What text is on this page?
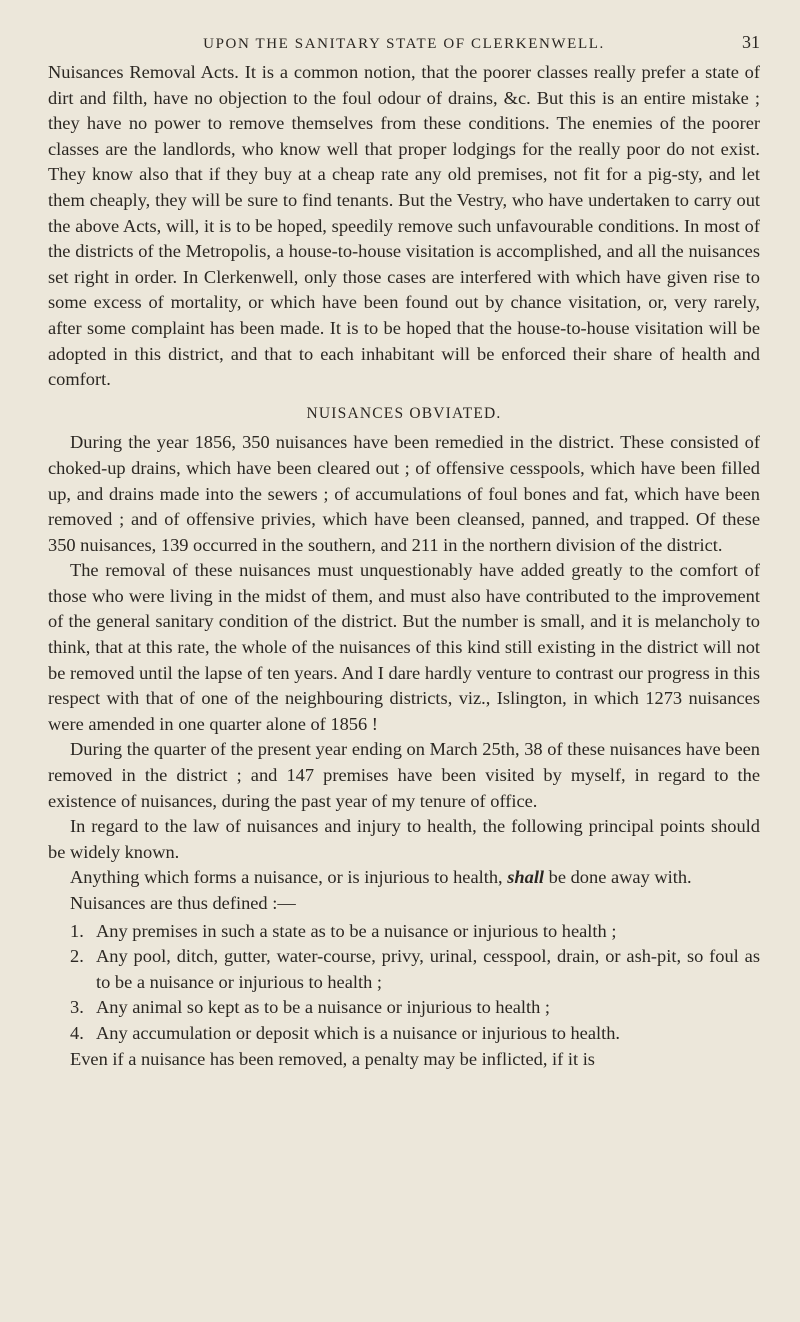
UPON THE SANITARY STATE OF CLERKENWELL.	31

Nuisances Removal Acts. It is a common notion, that the poorer classes really prefer a state of dirt and filth, have no objection to the foul odour of drains, &c. But this is an entire mistake ; they have no power to remove themselves from these conditions. The enemies of the poorer classes are the landlords, who know well that proper lodgings for the really poor do not exist. They know also that if they buy at a cheap rate any old premises, not fit for a pig-sty, and let them cheaply, they will be sure to find tenants. But the Vestry, who have undertaken to carry out the above Acts, will, it is to be hoped, speedily remove such unfavourable conditions. In most of the districts of the Metropolis, a house-to-house visitation is accomplished, and all the nuisances set right in order. In Clerkenwell, only those cases are interfered with which have given rise to some excess of mortality, or which have been found out by chance visitation, or, very rarely, after some complaint has been made. It is to be hoped that the house-to-house visitation will be adopted in this district, and that to each inhabitant will be enforced their share of health and comfort.

NUISANCES OBVIATED.

During the year 1856, 350 nuisances have been remedied in the district. These consisted of choked-up drains, which have been cleared out ; of offensive cesspools, which have been filled up, and drains made into the sewers ; of accumulations of foul bones and fat, which have been removed ; and of offensive privies, which have been cleansed, panned, and trapped. Of these 350 nuisances, 139 occurred in the southern, and 211 in the northern division of the district.

The removal of these nuisances must unquestionably have added greatly to the comfort of those who were living in the midst of them, and must also have contributed to the improvement of the general sanitary condition of the district. But the number is small, and it is melancholy to think, that at this rate, the whole of the nuisances of this kind still existing in the district will not be removed until the lapse of ten years. And I dare hardly venture to contrast our progress in this respect with that of one of the neighbouring districts, viz., Islington, in which 1273 nuisances were amended in one quarter alone of 1856 !

During the quarter of the present year ending on March 25th, 38 of these nuisances have been removed in the district ; and 147 premises have been visited by myself, in regard to the existence of nuisances, during the past year of my tenure of office.

In regard to the law of nuisances and injury to health, the following principal points should be widely known.

Anything which forms a nuisance, or is injurious to health, shall be done away with.

Nuisances are thus defined :—

1. Any premises in such a state as to be a nuisance or injurious to health ;
2. Any pool, ditch, gutter, water-course, privy, urinal, cesspool, drain, or ash-pit, so foul as to be a nuisance or injurious to health ;
3. Any animal so kept as to be a nuisance or injurious to health ;
4. Any accumulation or deposit which is a nuisance or injurious to health.

Even if a nuisance has been removed, a penalty may be inflicted, if it is
